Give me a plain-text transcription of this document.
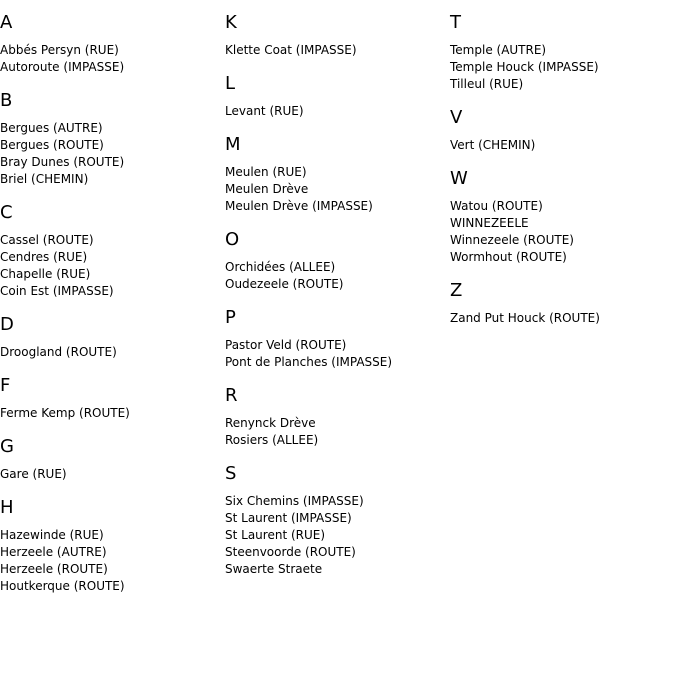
A
Abbés Persyn (RUE)
Autoroute (IMPASSE)
B
Bergues (AUTRE)
Bergues (ROUTE)
Bray Dunes (ROUTE)
Briel (CHEMIN)
C
Cassel (ROUTE)
Cendres (RUE)
Chapelle (RUE)
Coin Est (IMPASSE)
D
Droogland (ROUTE)
F
Ferme Kemp (ROUTE)
G
Gare (RUE)
H
Hazewinde (RUE)
Herzeele (AUTRE)
Herzeele (ROUTE)
Houtkerque (ROUTE)
K
Klette Coat (IMPASSE)
L
Levant (RUE)
M
Meulen (RUE)
Meulen Drève
Meulen Drève (IMPASSE)
O
Orchidées (ALLEE)
Oudezeele (ROUTE)
P
Pastor Veld (ROUTE)
Pont de Planches (IMPASSE)
R
Renynck Drève
Rosiers (ALLEE)
S
Six Chemins (IMPASSE)
St Laurent (IMPASSE)
St Laurent (RUE)
Steenvoorde (ROUTE)
Swaerte Straete
T
Temple (AUTRE)
Temple Houck (IMPASSE)
Tilleul (RUE)
V
Vert (CHEMIN)
W
Watou (ROUTE)
WINNEZEELE
Winnezeele (ROUTE)
Wormhout (ROUTE)
Z
Zand Put Houck (ROUTE)
